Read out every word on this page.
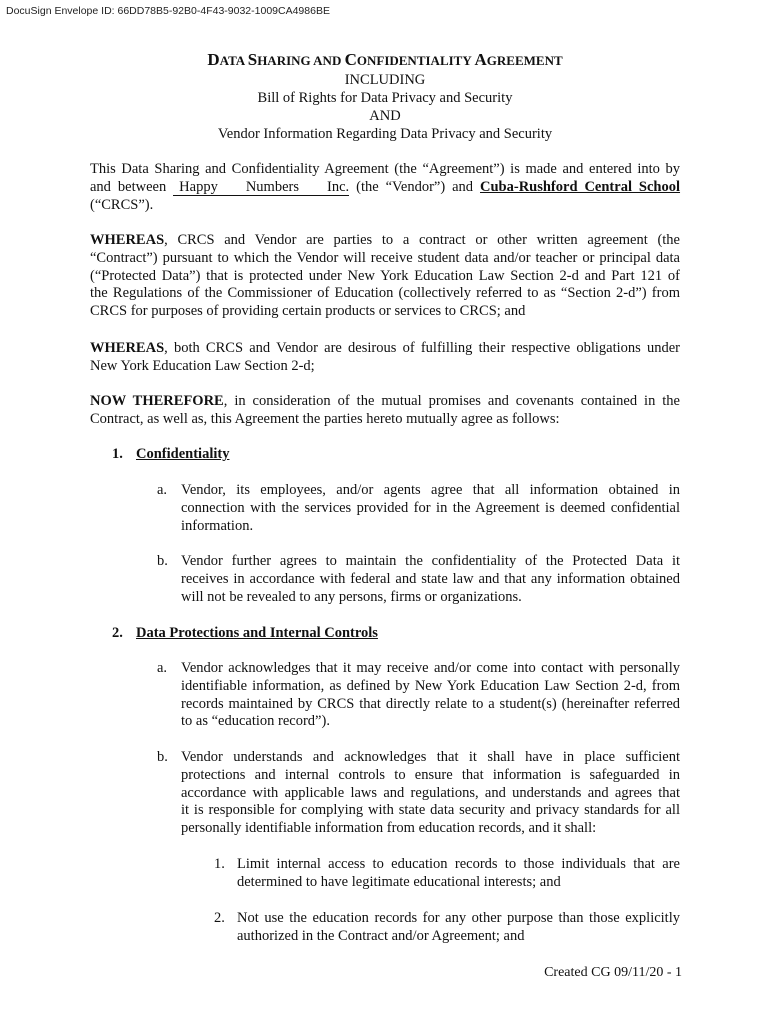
DocuSign Envelope ID: 66DD78B5-92B0-4F43-9032-1009CA4986BE
DATA SHARING AND CONFIDENTIALITY AGREEMENT
INCLUDING
Bill of Rights for Data Privacy and Security
AND
Vendor Information Regarding Data Privacy and Security
This Data Sharing and Confidentiality Agreement (the “Agreement”) is made and entered into by
and between Happy Numbers Inc. (the “Vendor”) and Cuba-Rushford Central School
(“CRCS”).
WHEREAS, CRCS and Vendor are parties to a contract or other written agreement (the
“Contract”) pursuant to which the Vendor will receive student data and/or teacher or principal data
(“Protected Data”) that is protected under New York Education Law Section 2-d and Part 121 of
the Regulations of the Commissioner of Education (collectively referred to as “Section 2-d”) from
CRCS for purposes of providing certain products or services to CRCS; and
WHEREAS, both CRCS and Vendor are desirous of fulfilling their respective obligations under
New York Education Law Section 2-d;
NOW THEREFORE, in consideration of the mutual promises and covenants contained in the
Contract, as well as, this Agreement the parties hereto mutually agree as follows:
1. Confidentiality
a. Vendor, its employees, and/or agents agree that all information obtained in
connection with the services provided for in the Agreement is deemed confidential
information.
b. Vendor further agrees to maintain the confidentiality of the Protected Data it
receives in accordance with federal and state law and that any information obtained
will not be revealed to any persons, firms or organizations.
2. Data Protections and Internal Controls
a. Vendor acknowledges that it may receive and/or come into contact with personally
identifiable information, as defined by New York Education Law Section 2-d, from
records maintained by CRCS that directly relate to a student(s) (hereinafter referred
to as “education record”).
b. Vendor understands and acknowledges that it shall have in place sufficient
protections and internal controls to ensure that information is safeguarded in
accordance with applicable laws and regulations, and understands and agrees that
it is responsible for complying with state data security and privacy standards for all
personally identifiable information from education records, and it shall:
1. Limit internal access to education records to those individuals that are
determined to have legitimate educational interests; and
2. Not use the education records for any other purpose than those explicitly
authorized in the Contract and/or Agreement; and
Created CG 09/11/20 - 1
